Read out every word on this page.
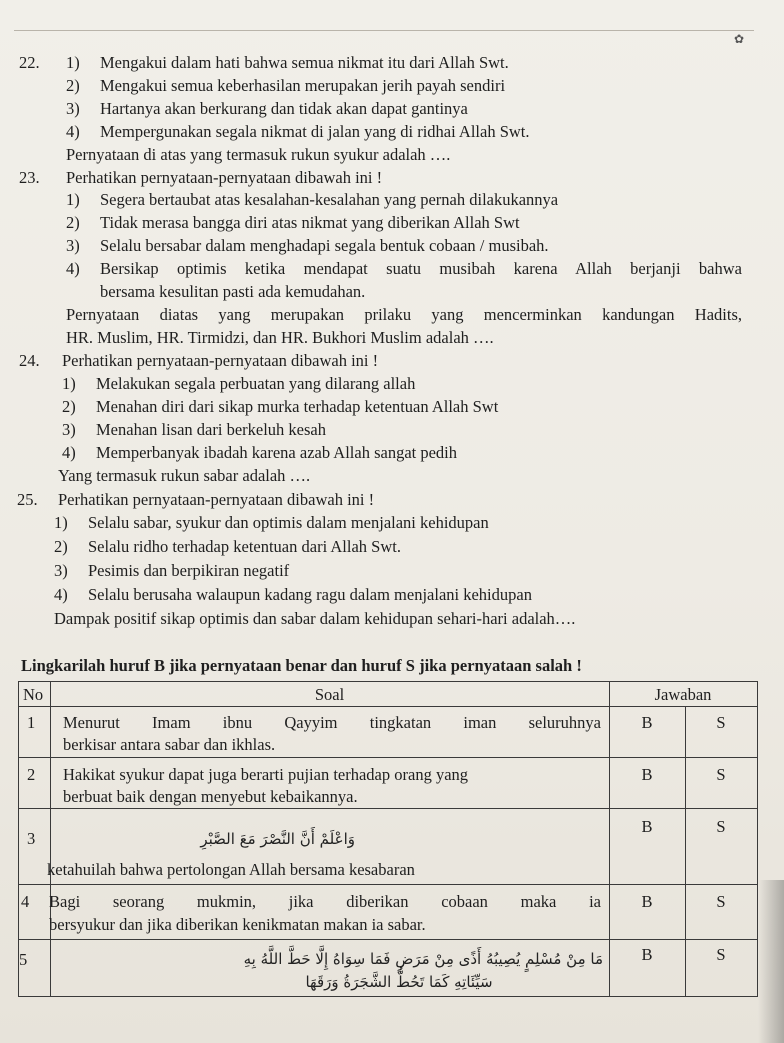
✿
22. 1) Mengakui dalam hati bahwa semua nikmat itu dari Allah Swt.
2) Mengakui semua keberhasilan merupakan jerih payah sendiri
3) Hartanya akan berkurang dan tidak akan dapat gantinya
4) Mempergunakan segala nikmat di jalan yang di ridhai Allah Swt.
Pernyataan di atas yang termasuk rukun syukur adalah ….
23. Perhatikan pernyataan-pernyataan dibawah ini !
1) Segera bertaubat atas kesalahan-kesalahan yang pernah dilakukannya
2) Tidak merasa bangga diri atas nikmat yang diberikan Allah Swt
3) Selalu bersabar dalam menghadapi segala bentuk cobaan / musibah.
4) Bersikap optimis ketika mendapat suatu musibah karena Allah berjanji bahwa
bersama kesulitan pasti ada kemudahan.
Pernyataan diatas yang merupakan prilaku yang mencerminkan kandungan Hadits,
HR. Muslim, HR. Tirmidzi, dan HR. Bukhori Muslim adalah ….
24. Perhatikan pernyataan-pernyataan dibawah ini !
1) Melakukan segala perbuatan yang dilarang allah
2) Menahan diri dari sikap murka terhadap ketentuan Allah Swt
3) Menahan lisan dari berkeluh kesah
4) Memperbanyak ibadah karena azab Allah sangat pedih
Yang termasuk rukun sabar adalah ….
25. Perhatikan pernyataan-pernyataan dibawah ini !
1) Selalu sabar, syukur dan optimis dalam menjalani kehidupan
2) Selalu ridho terhadap ketentuan dari Allah Swt.
3) Pesimis dan berpikiran negatif
4) Selalu berusaha walaupun kadang ragu dalam menjalani kehidupan
Dampak positif sikap optimis dan sabar dalam kehidupan sehari-hari adalah….
Lingkarilah huruf B jika pernyataan benar dan huruf S jika pernyataan salah !
No	Soal	Jawaban
1 Menurut Imam ibnu Qayyim tingkatan iman seluruhnya
berkisar antara sabar dan ikhlas.
B	S
2 Hakikat syukur dapat juga berarti pujian terhadap orang yang
berbuat baik dengan menyebut kebaikannya.
B	S
3	وَاعْلَمْ أَنَّ النَّصْرَ مَعَ الصَّبْرِ
ketahuilah bahwa pertolongan Allah bersama kesabaran
B	S
4 Bagi seorang mukmin, jika diberikan cobaan maka ia
bersyukur dan jika diberikan kenikmatan makan ia sabar.
B	S
5	مَا مِنْ مُسْلِمٍ يُصِيبُهُ أَذًى مِنْ مَرَضٍ فَمَا سِوَاهُ إِلَّا حَطَّ اللَّهُ بِهِ
سَيِّئَاتِهِ كَمَا تَحُطُّ الشَّجَرَةُ وَرَقَهَا
B	S
